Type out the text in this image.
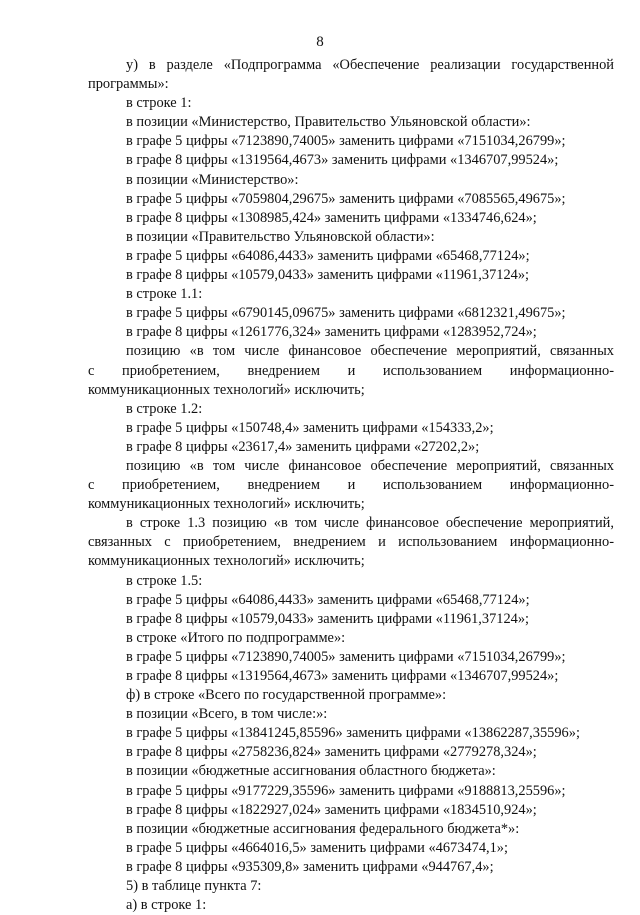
8
у) в разделе «Подпрограмма «Обеспечение реализации государственной
программы»:
в строке 1:
в позиции «Министерство, Правительство Ульяновской области»:
в графе 5 цифры «7123890,74005» заменить цифрами «7151034,26799»;
в графе 8 цифры «1319564,4673» заменить цифрами «1346707,99524»;
в позиции «Министерство»:
в графе 5 цифры «7059804,29675» заменить цифрами «7085565,49675»;
в графе 8 цифры «1308985,424» заменить цифрами «1334746,624»;
в позиции «Правительство Ульяновской области»:
в графе 5 цифры «64086,4433» заменить цифрами «65468,77124»;
в графе 8 цифры «10579,0433» заменить цифрами «11961,37124»;
в строке 1.1:
в графе 5 цифры «6790145,09675» заменить цифрами «6812321,49675»;
в графе 8 цифры «1261776,324» заменить цифрами «1283952,724»;
позицию «в том числе финансовое обеспечение мероприятий, связанных
с приобретением, внедрением и использованием информационно-
коммуникационных технологий» исключить;
в строке 1.2:
в графе 5 цифры «150748,4» заменить цифрами «154333,2»;
в графе 8 цифры «23617,4» заменить цифрами «27202,2»;
позицию «в том числе финансовое обеспечение мероприятий, связанных
с приобретением, внедрением и использованием информационно-
коммуникационных технологий» исключить;
в строке 1.3 позицию «в том числе финансовое обеспечение мероприятий,
связанных с приобретением, внедрением и использованием информационно-
коммуникационных технологий» исключить;
в строке 1.5:
в графе 5 цифры «64086,4433» заменить цифрами «65468,77124»;
в графе 8 цифры «10579,0433» заменить цифрами «11961,37124»;
в строке «Итого по подпрограмме»:
в графе 5 цифры «7123890,74005» заменить цифрами «7151034,26799»;
в графе 8 цифры «1319564,4673» заменить цифрами «1346707,99524»;
ф) в строке «Всего по государственной программе»:
в позиции «Всего, в том числе:»:
в графе 5 цифры «13841245,85596» заменить цифрами «13862287,35596»;
в графе 8 цифры «2758236,824» заменить цифрами «2779278,324»;
в позиции «бюджетные ассигнования областного бюджета»:
в графе 5 цифры «9177229,35596» заменить цифрами «9188813,25596»;
в графе 8 цифры «1822927,024» заменить цифрами «1834510,924»;
в позиции «бюджетные ассигнования федерального бюджета*»:
в графе 5 цифры «4664016,5» заменить цифрами «4673474,1»;
в графе 8 цифры «935309,8» заменить цифрами «944767,4»;
5) в таблице пункта 7:
а) в строке 1:
